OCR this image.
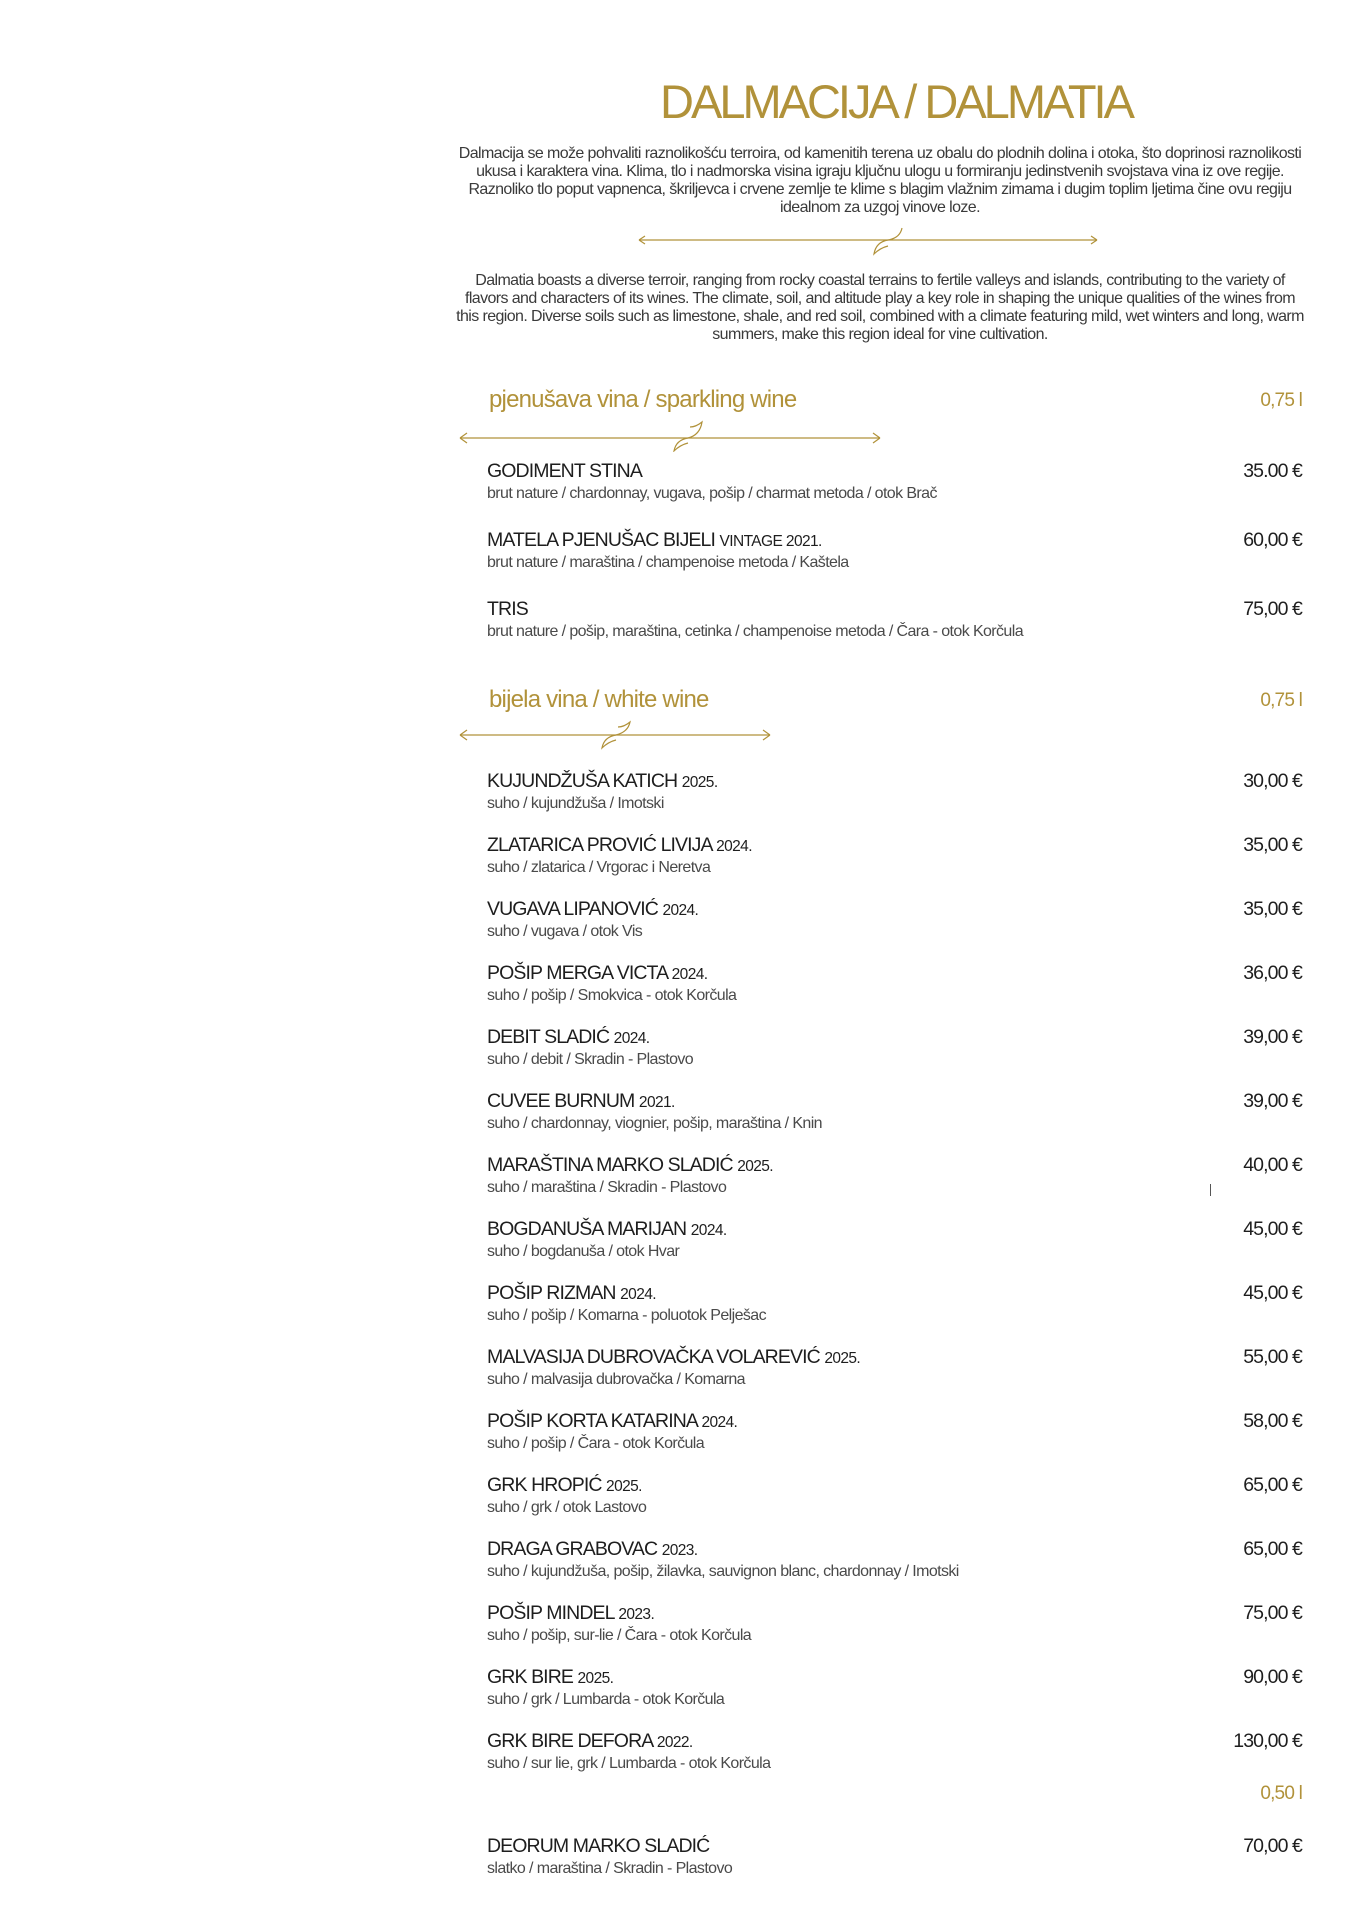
DALMACIJA / DALMATIA
Dalmacija se može pohvaliti raznolikošću terroira, od kamenitih terena uz obalu do plodnih dolina i otoka, što doprinosi raznolikosti ukusa i karaktera vina. Klima, tlo i nadmorska visina igraju ključnu ulogu u formiranju jedinstvenih svojstava vina iz ove regije. Raznoliko tlo poput vapnenca, škriljevca i crvene zemlje te klime s blagim vlažnim zimama i dugim toplim ljetima čine ovu regiju idealnom za uzgoj vinove loze.
Dalmatia boasts a diverse terroir, ranging from rocky coastal terrains to fertile valleys and islands, contributing to the variety of flavors and characters of its wines. The climate, soil, and altitude play a key role in shaping the unique qualities of the wines from this region. Diverse soils such as limestone, shale, and red soil, combined with a climate featuring mild, wet winters and long, warm summers, make this region ideal for vine cultivation.
pjenušava vina / sparkling wine	0,75 l
GODIMENT STINA
brut nature / chardonnay, vugava, pošip / charmat metoda / otok Brač
35.00 €
MATELA PJENUŠAC BIJELI VINTAGE 2021.
brut nature / maraština / champenoise metoda / Kaštela
60,00 €
TRIS
brut nature / pošip, maraština, cetinka / champenoise metoda / Čara - otok Korčula
75,00 €
bijela vina / white wine	0,75 l
KUJUNDŽUŠA KATICH 2025.
suho / kujundžuša / Imotski
30,00 €
ZLATARICA PROVIĆ LIVIJA 2024.
suho / zlatarica / Vrgorac i Neretva
35,00 €
VUGAVA LIPANOVIĆ 2024.
suho / vugava / otok Vis
35,00 €
POŠIP MERGA VICTA 2024.
suho / pošip / Smokvica - otok Korčula
36,00 €
DEBIT SLADIĆ 2024.
suho / debit / Skradin - Plastovo
39,00 €
CUVEE BURNUM 2021.
suho / chardonnay, viognier, pošip, maraština / Knin
39,00 €
MARAŠTINA MARKO SLADIĆ 2025.
suho / maraština / Skradin - Plastovo
40,00 €
BOGDANUŠA MARIJAN 2024.
suho / bogdanuša / otok Hvar
45,00 €
POŠIP RIZMAN 2024.
suho / pošip / Komarna - poluotok Pelješac
45,00 €
MALVASIJA DUBROVAČKA VOLAREVIĆ 2025.
suho / malvasija dubrovačka / Komarna
55,00 €
POŠIP KORTA KATARINA 2024.
suho / pošip / Čara - otok Korčula
58,00 €
GRK HROPIĆ 2025.
suho / grk / otok Lastovo
65,00 €
DRAGA GRABOVAC 2023.
suho / kujundžuša, pošip, žilavka, sauvignon blanc, chardonnay / Imotski
65,00 €
POŠIP MINDEL 2023.
suho / pošip, sur-lie / Čara - otok Korčula
75,00 €
GRK BIRE 2025.
suho / grk / Lumbarda - otok Korčula
90,00 €
GRK BIRE DEFORA 2022.
suho / sur lie, grk / Lumbarda - otok Korčula
130,00 €
0,50 l
DEORUM MARKO SLADIĆ
slatko / maraština / Skradin - Plastovo
70,00 €
